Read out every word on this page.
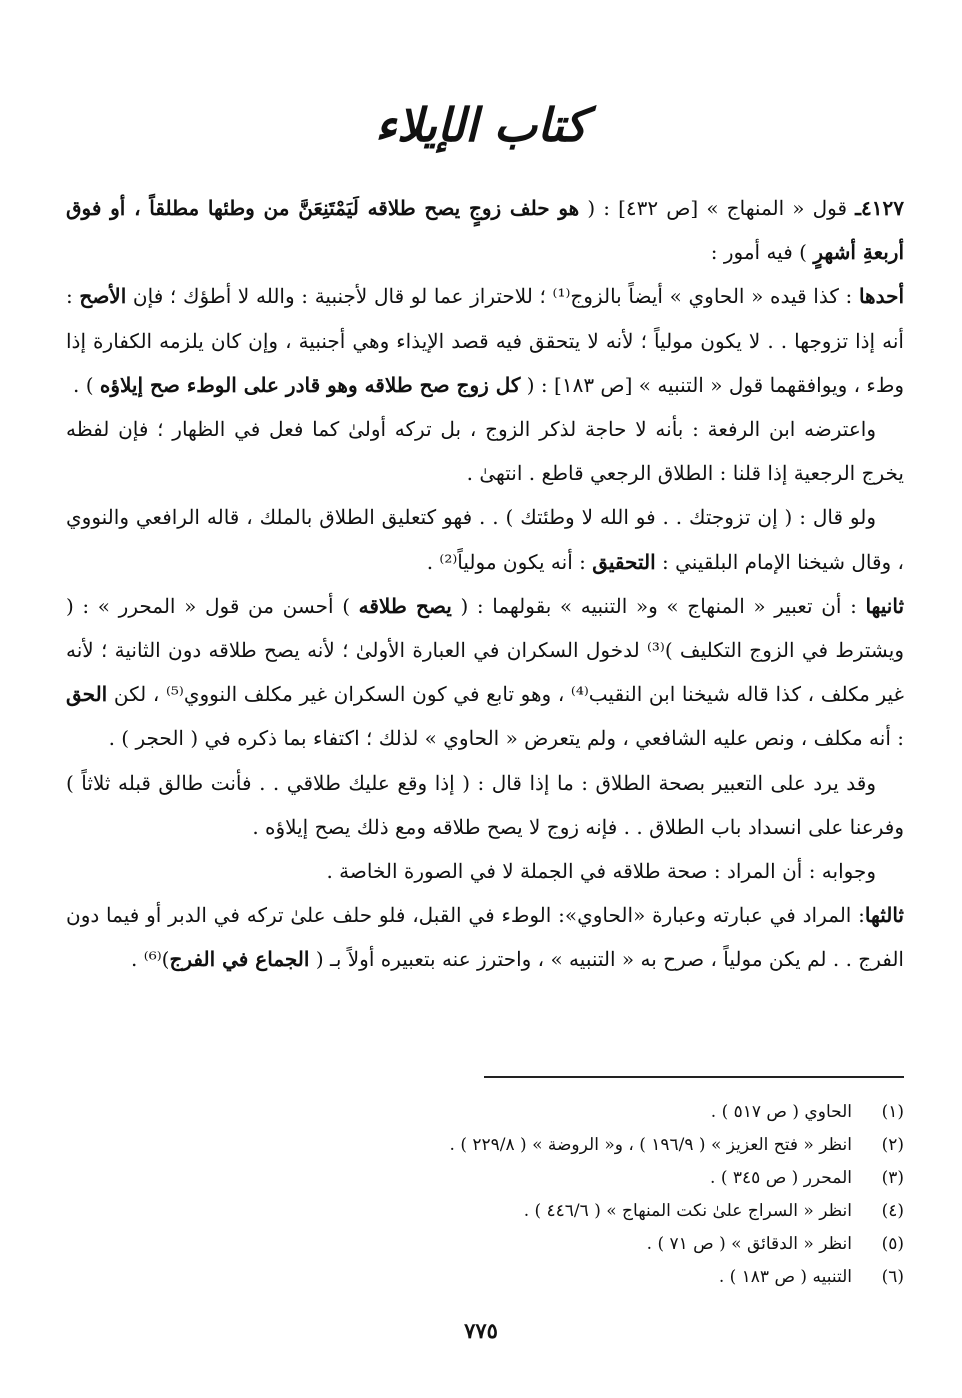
كتاب الإيلاء

٤١٢٧ـ قول « المنهاج » [ص ٤٣٢] : ( هو حلف زوجٍ يصح طلاقه لَيَمْتَنِعَنَّ من وطئها مطلقاً ، أو فوق أربعةِ أشهرٍ ) فيه أمور :

أحدها : كذا قيده « الحاوي » أيضاً بالزوج⁽¹⁾ ؛ للاحتراز عما لو قال لأجنبية : والله لا أطؤك ؛ فإن الأصح : أنه إذا تزوجها . . لا يكون مولياً ؛ لأنه لا يتحقق فيه قصد الإيذاء وهي أجنبية ، وإن كان يلزمه الكفارة إذا وطء ، ويوافقهما قول « التنبيه » [ص ١٨٣] : ( كل زوج صح طلاقه وهو قادر على الوطء صح إيلاؤه ) .

واعترضه ابن الرفعة : بأنه لا حاجة لذكر الزوج ، بل تركه أولىٰ كما فعل في الظهار ؛ فإن لفظه يخرج الرجعية إذا قلنا : الطلاق الرجعي قاطع . انتهىٰ .

ولو قال : ( إن تزوجتك . . فو الله لا وطئتك ) . . فهو كتعليق الطلاق بالملك ، قاله الرافعي والنووي ، وقال شيخنا الإمام البلقيني : التحقيق : أنه يكون مولياً⁽²⁾ .

ثانيها : أن تعبير « المنهاج » و« التنبيه » بقولهما : ( يصح طلاقه ) أحسن من قول « المحرر » : ( ويشترط في الزوج التكليف )⁽³⁾ لدخول السكران في العبارة الأولىٰ ؛ لأنه يصح طلاقه دون الثانية ؛ لأنه غير مكلف ، كذا قاله شيخنا ابن النقيب⁽⁴⁾ ، وهو تابع في كون السكران غير مكلف النووي⁽⁵⁾ ، لكن الحق : أنه مكلف ، ونص عليه الشافعي ، ولم يتعرض « الحاوي » لذلك ؛ اكتفاء بما ذكره في ( الحجر ) .

وقد يرد على التعبير بصحة الطلاق : ما إذا قال : ( إذا وقع عليك طلاقي . . فأنت طالق قبله ثلاثاً ) وفرعنا على انسداد باب الطلاق . . فإنه زوج لا يصح طلاقه ومع ذلك يصح إيلاؤه .

وجوابه : أن المراد : صحة طلاقه في الجملة لا في الصورة الخاصة .

ثالثها: المراد في عبارته وعبارة «الحاوي»: الوطء في القبل، فلو حلف علىٰ تركه في الدبر أو فيما دون الفرج . . لم يكن مولياً ، صرح به « التنبيه » ، واحترز عنه بتعبيره أولاً بـ ( الجماع في الفرج)⁽⁶⁾ .

(١)
الحاوي ( ص ٥١٧ ) .
(٢)
انظر « فتح العزيز » ( ١٩٦/٩ ) ، و« الروضة » ( ٢٢٩/٨ ) .
(٣)
المحرر ( ص ٣٤٥ ) .
(٤)
انظر « السراج علىٰ نكت المنهاج » ( ٤٤٦/٦ ) .
(٥)
انظر « الدقائق » ( ص ٧١ ) .
(٦)
التنبيه ( ص ١٨٣ ) .
٧٧٥
